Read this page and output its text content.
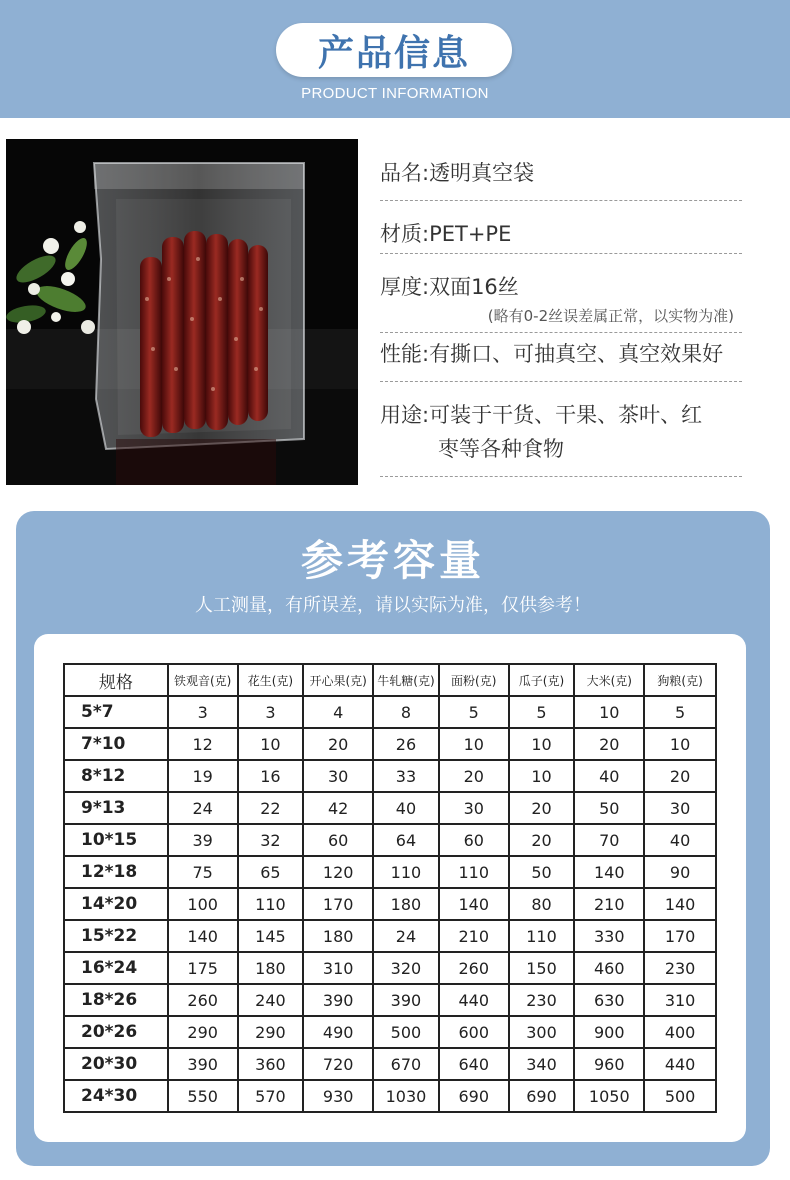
产品信息
PRODUCT INFORMATION
品名:透明真空袋
材质:PET+PE
厚度:双面16丝
(略有0-2丝误差属正常，以实物为准)
性能:有撕口、可抽真空、真空效果好
用途:可装于干货、干果、茶叶、红
枣等各种食物
参考容量
人工测量，有所误差，请以实际为准，仅供参考！
规格	铁观音(克)	花生(克)	开心果(克)	牛轧糖(克)	面粉(克)	瓜子(克)	大米(克)	狗粮(克)
5*7	3	3	4	8	5	5	10	5
7*10	12	10	20	26	10	10	20	10
8*12	19	16	30	33	20	10	40	20
9*13	24	22	42	40	30	20	50	30
10*15	39	32	60	64	60	20	70	40
12*18	75	65	120	110	110	50	140	90
14*20	100	110	170	180	140	80	210	140
15*22	140	145	180	24	210	110	330	170
16*24	175	180	310	320	260	150	460	230
18*26	260	240	390	390	440	230	630	310
20*26	290	290	490	500	600	300	900	400
20*30	390	360	720	670	640	340	960	440
24*30	550	570	930	1030	690	690	1050	500
